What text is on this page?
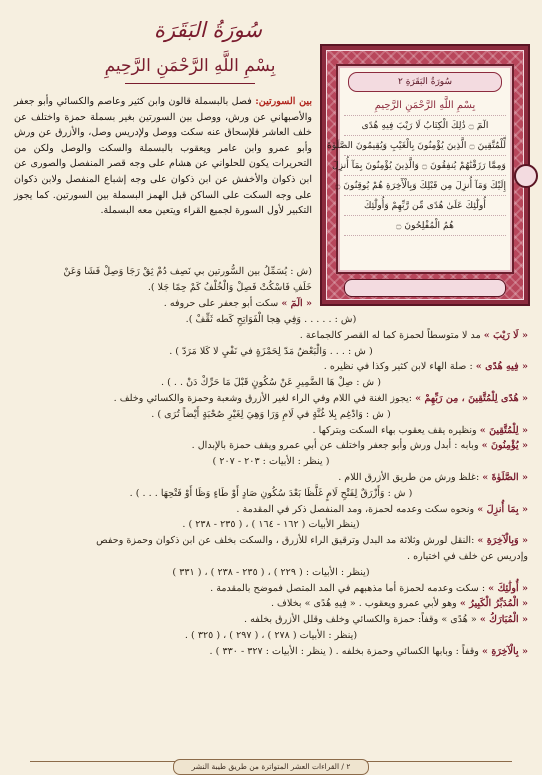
سُورَةُ البَقَرَةِ ٢
بِسْمِ اللَّهِ الرَّحْمَنِ الرَّحِيمِ
الٓمٓ ۝ ذَٰلِكَ الْكِتَابُ لَا رَيْبَ فِيهِ هُدًى
لِّلْمُتَّقِينَ ۝ الَّذِينَ يُؤْمِنُونَ بِالْغَيْبِ وَيُقِيمُونَ الصَّلَوٰةَ
وَمِمَّا رَزَقْنَٰهُمْ يُنفِقُونَ ۝ وَالَّذِينَ يُؤْمِنُونَ بِمَآ أُنزِلَ
إِلَيْكَ وَمَآ أُنزِلَ مِن قَبْلِكَ وَبِالْأٓخِرَةِ هُمْ يُوقِنُونَ ۝
أُولَٰٓئِكَ عَلَىٰ هُدًى مِّن رَّبِّهِمْ وَأُولَٰٓئِكَ
هُمُ الْمُفْلِحُونَ ۝
سُورَةُ البَقَرَة
بِسْمِ اللَّهِ الرَّحْمَنِ الرَّحِيمِ
بين السورتين: فصل بالبسملة قالون وابن كثير وعاصم والكسائي وأبو جعفر والأصبهاني عن ورش، ووصل بين السورتين بغير بسملة حمزة واختلف عن خلف العاشر فلإسحاق عنه سكت ووصل ولإدريس وصل، والأزرق عن ورش وأبو عمرو وابن عامر ويعقوب بالبسملة والسكت والوصل ولكن من التحريرات يكون للحلواني عن هشام على وجه قصر المنفصل والصورى عن ابن ذكوان والأخفش عن ابن ذكوان على وجه إشباع المنفصل ولابن ذكوان على وجه السكت على الساكن قبل الهمز البسملة بين السورتين. كما يجوز التكبير لأول السورة لجميع القراء ويتعين معه البسملة.
(ش : يُسَمِّلُ بين السُّورتين بي نَصِف دُمْ ثِقْ رَجَا وَصِلْ فَشَا وَعَنْ
خَلَفِ فَاسْكُتْ فَصِلْ وَالْخُلْفُ كَمْ حِمًا جَلا ).
« الٓمٓ » سكت أبو جعفر على حروفه .
(ش : . . . . . وَفِي هِجا الْفَوَاتِحِ كَطه ثَقِّفْ ).
« لَا رَيْبَ » مد لا متوسطاً لحمزة كما له القصر كالجماعة .
( ش : . . . وَالْبَعْضُ مَدّ لِحَمْزَةٍ في نَفْيِ لا كَلا مَرَدّ ) .
« فِيهِ هُدًى » : صلة الهاء لابن كثير وكذا في نظيره .
( ش : صِلْ هَا الضَّمِيرِ عَنْ سُكُونٍ قَبْلَ مَا حَرِّكْ دَنْ . . ) .
« هُدًى لِلْمُتَّقِينَ ، مِن رَبِّهِمْ » :يجوز الغنة في اللام وفي الراء لغير الأزرق وشعبة وحمزة والكسائي وخلف .
( ش : وَادْغِم بِلا غُنَّةٍ في لَامِ وَرَا وَهِيَ لِغَيْرِ صُحْبَةٍ أَيْضاً تُرَى ) .
« لِلْمُتَّقِينَ » ونظيره يقف يعقوب بهاء السكت وبتركها .
« يُؤْمِنُونَ » وبابه : أبدل ورش وأبو جعفر واختلف عن أبي عمرو ويقف حمزة بالإبدال .
( ينظر : الأبيات : ٢٠٣ - ٢٠٧ )
« الصَّلَوٰةَ » :غلظ ورش من طريق الأزرق اللام .
( ش : وَأَزْرَقٌ لِفَتْحِ لَامٍ غَلَّظَا بَعْدَ سُكُونِ صَادٍ أَوْ طَاءٍ وَظَا أَوْ فَتْحِهَا . . . ) .
« بِمَا أُنزِلَ » ونحوه سكت وعدمه لحمزة، ومد المنفصل ذكر في المقدمة .
(ينظر الأبيات ( ١٦٢ - ١٦٤ ) ، ( ٢٣٥ - ٢٣٨ ) .
« وَبِالْآخِرَةِ » :النقل لورش وثلاثة مد البدل وترقيق الراء للأزرق ، والسكت بخلف عن ابن ذكوان وحمزة وحفص
وإدريس عن خلف في اختياره .
(ينظر : الأبيات : ( ٢٢٩ ) ، ( ٢٣٥ - ٢٣٨ ) ، ( ٣٣١ )
« أُولَٰئِكَ » : سكت وعدمه لحمزة أما مذهبهم في المد المتصل فموضح بالمقدمة .
« الْمُدَبِّرُ الْكَبِيرُ » وهو لأبي عمرو ويعقوب . « فِيهِ هُدًى » بخلاف .
« الْمُبَارَكُ » « هُدًى » وقفاً: حمزة والكسائي وخلف وقلل الأزرق بخلفه .
(ينظر : الأبيات ( ٢٧٨ ) ، ( ٢٩٧ ) ، ( ٣٢٥ ) .
« بِالْآخِرَةِ » وقفاً : وبابها الكسائي وحمزة بخلفه . ( ينظر : الأبيات : ٣٢٧ - ٣٣٠ ) .
٢ / القراءات العشر المتواترة من طريق طيبة النشر
